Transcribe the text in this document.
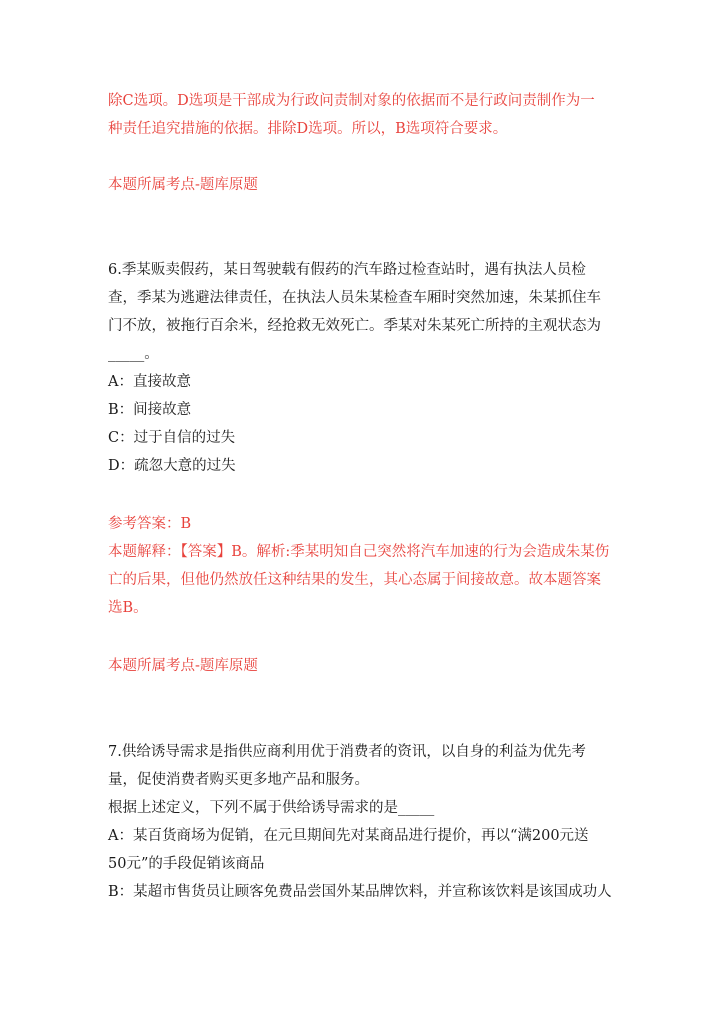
除C选项。D选项是干部成为行政问责制对象的依据而不是行政问责制作为一
种责任追究措施的依据。排除D选项。所以，B选项符合要求。
本题所属考点-题库原题
6.季某贩卖假药，某日驾驶载有假药的汽车路过检查站时，遇有执法人员检
查，季某为逃避法律责任，在执法人员朱某检查车厢时突然加速，朱某抓住车
门不放，被拖行百余米，经抢救无效死亡。季某对朱某死亡所持的主观状态为
_____。
A：直接故意
B：间接故意
C：过于自信的过失
D：疏忽大意的过失
参考答案：B
本题解释：【答案】B。解析:季某明知自己突然将汽车加速的行为会造成朱某伤
亡的后果，但他仍然放任这种结果的发生，其心态属于间接故意。故本题答案
选B。
本题所属考点-题库原题
7.供给诱导需求是指供应商利用优于消费者的资讯，以自身的利益为优先考
量，促使消费者购买更多地产品和服务。
根据上述定义，下列不属于供给诱导需求的是_____
A：某百货商场为促销，在元旦期间先对某商品进行提价，再以“满200元送
50元”的手段促销该商品
B：某超市售货员让顾客免费品尝国外某品牌饮料，并宣称该饮料是该国成功人
